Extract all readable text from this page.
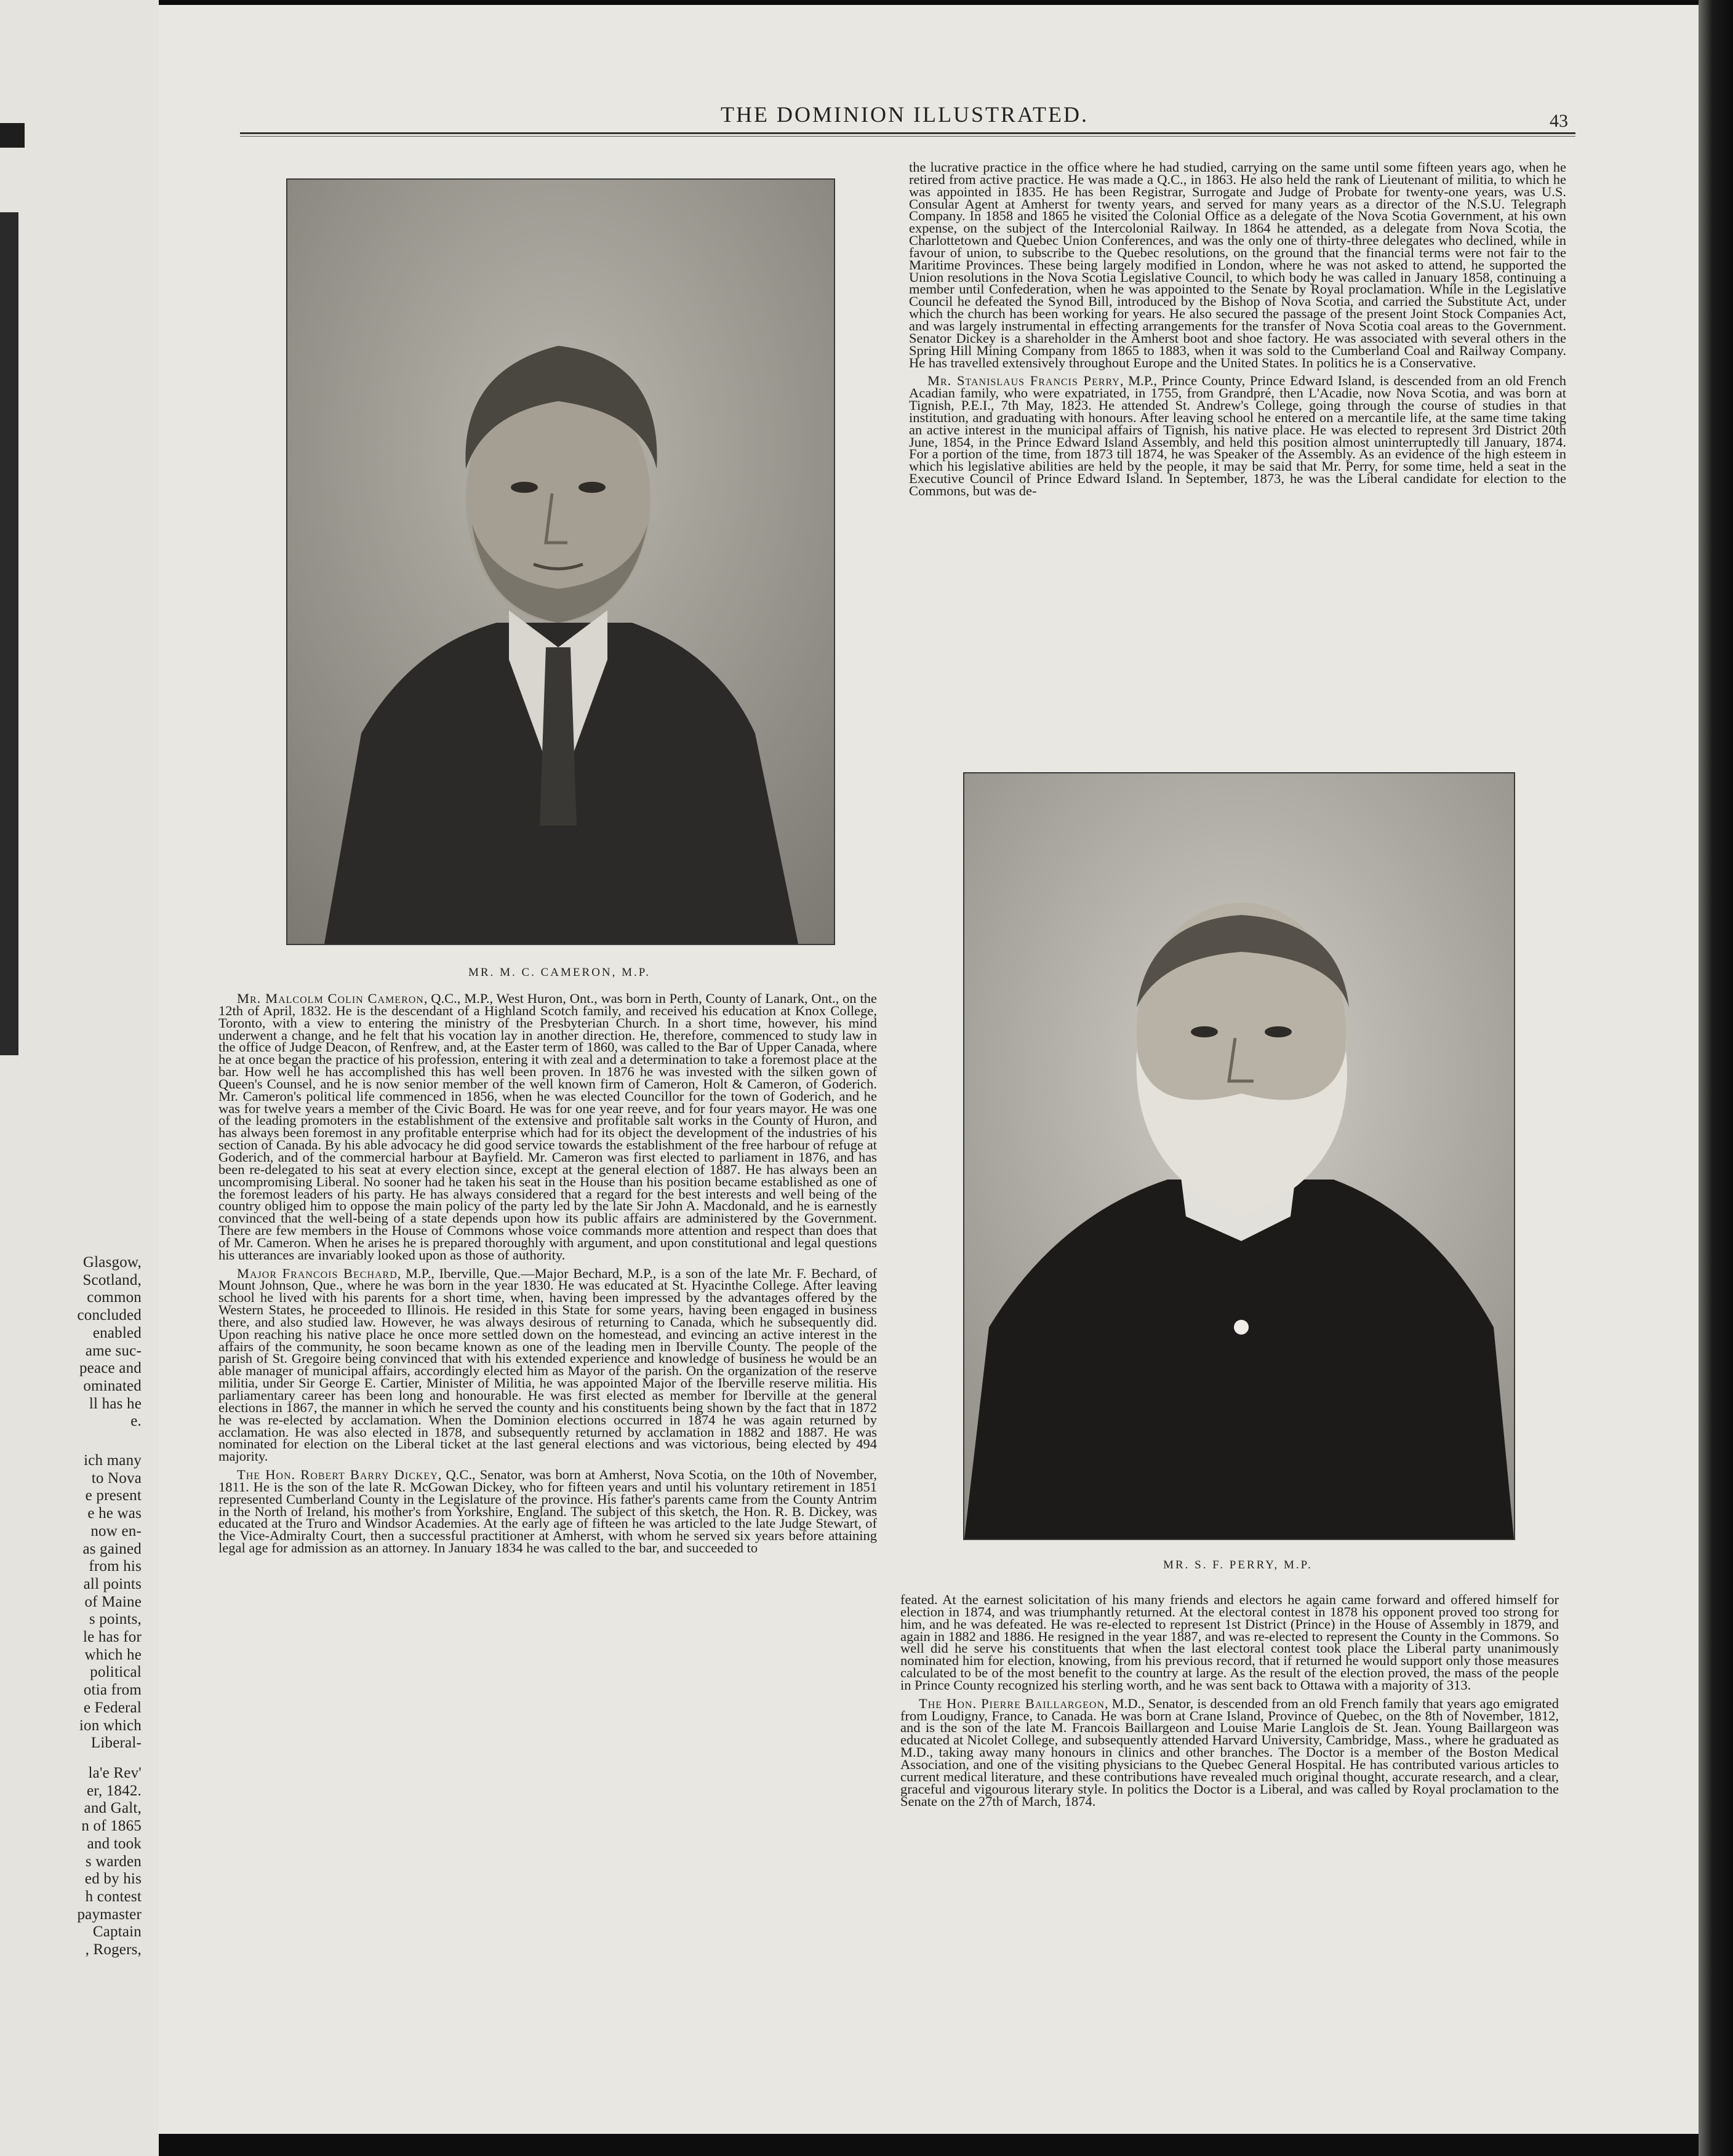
Glasgow,
Scotland,
common
concluded
enabled
ame suc-
peace and
ominated
ll has he
e.
ich many
to Nova
e present
e he was
now en-
as gained
from his
all points
of Maine
s points,
le has for
which he
political
otia from
e Federal
ion which
Liberal-
la'e Rev'
er, 1842.
and Galt,
n of 1865
and took
s warden
ed by his
h contest
paymaster
Captain
, Rogers,
THE DOMINION ILLUSTRATED.	43
MR. M. C. CAMERON, M.P.
MR. S. F. PERRY, M.P.

Mr. Malcolm Colin Cameron, Q.C., M.P., West Huron, Ont., was born in Perth, County of Lanark, Ont., on the 12th of April, 1832. He is the descendant of a Highland Scotch family, and received his education at Knox College, Toronto, with a view to entering the ministry of the Presbyterian Church. In a short time, however, his mind underwent a change, and he felt that his vocation lay in another direction. He, therefore, commenced to study law in the office of Judge Deacon, of Renfrew, and, at the Easter term of 1860, was called to the Bar of Upper Canada, where he at once began the practice of his profession, entering it with zeal and a determination to take a foremost place at the bar. How well he has accomplished this has well been proven. In 1876 he was invested with the silken gown of Queen's Counsel, and he is now senior member of the well known firm of Cameron, Holt & Cameron, of Goderich. Mr. Cameron's political life commenced in 1856, when he was elected Councillor for the town of Goderich, and he was for twelve years a member of the Civic Board. He was for one year reeve, and for four years mayor. He was one of the leading promoters in the establishment of the extensive and profitable salt works in the County of Huron, and has always been foremost in any profitable enterprise which had for its object the development of the industries of his section of Canada. By his able advocacy he did good service towards the establishment of the free harbour of refuge at Goderich, and of the commercial harbour at Bayfield. Mr. Cameron was first elected to parliament in 1876, and has been re-delegated to his seat at every election since, except at the general election of 1887. He has always been an uncompromising Liberal. No sooner had he taken his seat in the House than his position became established as one of the foremost leaders of his party. He has always considered that a regard for the best interests and well being of the country obliged him to oppose the main policy of the party led by the late Sir John A. Macdonald, and he is earnestly convinced that the well-being of a state depends upon how its public affairs are administered by the Government. There are few members in the House of Commons whose voice commands more attention and respect than does that of Mr. Cameron. When he arises he is prepared thoroughly with argument, and upon constitutional and legal questions his utterances are invariably looked upon as those of authority.

Major Francois Bechard, M.P., Iberville, Que.—Major Bechard, M.P., is a son of the late Mr. F. Bechard, of Mount Johnson, Que., where he was born in the year 1830. He was educated at St. Hyacinthe College. After leaving school he lived with his parents for a short time, when, having been impressed by the advantages offered by the Western States, he proceeded to Illinois. He resided in this State for some years, having been engaged in business there, and also studied law. However, he was always desirous of returning to Canada, which he subsequently did. Upon reaching his native place he once more settled down on the homestead, and evincing an active interest in the affairs of the community, he soon became known as one of the leading men in Iberville County. The people of the parish of St. Gregoire being convinced that with his extended experience and knowledge of business he would be an able manager of municipal affairs, accordingly elected him as Mayor of the parish. On the organization of the reserve militia, under Sir George E. Cartier, Minister of Militia, he was appointed Major of the Iberville reserve militia. His parliamentary career has been long and honourable. He was first elected as member for Iberville at the general elections in 1867, the manner in which he served the county and his constituents being shown by the fact that in 1872 he was re-elected by acclamation. When the Dominion elections occurred in 1874 he was again returned by acclamation. He was also elected in 1878, and subsequently returned by acclamation in 1882 and 1887. He was nominated for election on the Liberal ticket at the last general elections and was victorious, being elected by 494 majority.

The Hon. Robert Barry Dickey, Q.C., Senator, was born at Amherst, Nova Scotia, on the 10th of November, 1811. He is the son of the late R. McGowan Dickey, who for fifteen years and until his voluntary retirement in 1851 represented Cumberland County in the Legislature of the province. His father's parents came from the County Antrim in the North of Ireland, his mother's from Yorkshire, England. The subject of this sketch, the Hon. R. B. Dickey, was educated at the Truro and Windsor Academies. At the early age of fifteen he was articled to the late Judge Stewart, of the Vice-Admiralty Court, then a successful practitioner at Amherst, with whom he served six years before attaining legal age for admission as an attorney. In January 1834 he was called to the bar, and succeeded to

the lucrative practice in the office where he had studied, carrying on the same until some fifteen years ago, when he retired from active practice. He was made a Q.C., in 1863. He also held the rank of Lieutenant of militia, to which he was appointed in 1835. He has been Registrar, Surrogate and Judge of Probate for twenty-one years, was U.S. Consular Agent at Amherst for twenty years, and served for many years as a director of the N.S.U. Telegraph Company. In 1858 and 1865 he visited the Colonial Office as a delegate of the Nova Scotia Government, at his own expense, on the subject of the Intercolonial Railway. In 1864 he attended, as a delegate from Nova Scotia, the Charlottetown and Quebec Union Conferences, and was the only one of thirty-three delegates who declined, while in favour of union, to subscribe to the Quebec resolutions, on the ground that the financial terms were not fair to the Maritime Provinces. These being largely modified in London, where he was not asked to attend, he supported the Union resolutions in the Nova Scotia Legislative Council, to which body he was called in January 1858, continuing a member until Confederation, when he was appointed to the Senate by Royal proclamation. While in the Legislative Council he defeated the Synod Bill, introduced by the Bishop of Nova Scotia, and carried the Substitute Act, under which the church has been working for years. He also secured the passage of the present Joint Stock Companies Act, and was largely instrumental in effecting arrangements for the transfer of Nova Scotia coal areas to the Government. Senator Dickey is a shareholder in the Amherst boot and shoe factory. He was associated with several others in the Spring Hill Mining Company from 1865 to 1883, when it was sold to the Cumberland Coal and Railway Company. He has travelled extensively throughout Europe and the United States. In politics he is a Conservative.

Mr. Stanislaus Francis Perry, M.P., Prince County, Prince Edward Island, is descended from an old French Acadian family, who were expatriated, in 1755, from Grandpré, then L'Acadie, now Nova Scotia, and was born at Tignish, P.E.I., 7th May, 1823. He attended St. Andrew's College, going through the course of studies in that institution, and graduating with honours. After leaving school he entered on a mercantile life, at the same time taking an active interest in the municipal affairs of Tignish, his native place. He was elected to represent 3rd District 20th June, 1854, in the Prince Edward Island Assembly, and held this position almost uninterruptedly till January, 1874. For a portion of the time, from 1873 till 1874, he was Speaker of the Assembly. As an evidence of the high esteem in which his legislative abilities are held by the people, it may be said that Mr. Perry, for some time, held a seat in the Executive Council of Prince Edward Island. In September, 1873, he was the Liberal candidate for election to the Commons, but was de-

feated. At the earnest solicitation of his many friends and electors he again came forward and offered himself for election in 1874, and was triumphantly returned. At the electoral contest in 1878 his opponent proved too strong for him, and he was defeated. He was re-elected to represent 1st District (Prince) in the House of Assembly in 1879, and again in 1882 and 1886. He resigned in the year 1887, and was re-elected to represent the County in the Commons. So well did he serve his constituents that when the last electoral contest took place the Liberal party unanimously nominated him for election, knowing, from his previous record, that if returned he would support only those measures calculated to be of the most benefit to the country at large. As the result of the election proved, the mass of the people in Prince County recognized his sterling worth, and he was sent back to Ottawa with a majority of 313.

The Hon. Pierre Baillargeon, M.D., Senator, is descended from an old French family that years ago emigrated from Loudigny, France, to Canada. He was born at Crane Island, Province of Quebec, on the 8th of November, 1812, and is the son of the late M. Francois Baillargeon and Louise Marie Langlois de St. Jean. Young Baillargeon was educated at Nicolet College, and subsequently attended Harvard University, Cambridge, Mass., where he graduated as M.D., taking away many honours in clinics and other branches. The Doctor is a member of the Boston Medical Association, and one of the visiting physicians to the Quebec General Hospital. He has contributed various articles to current medical literature, and these contributions have revealed much original thought, accurate research, and a clear, graceful and vigourous literary style. In politics the Doctor is a Liberal, and was called by Royal proclamation to the Senate on the 27th of March, 1874.
